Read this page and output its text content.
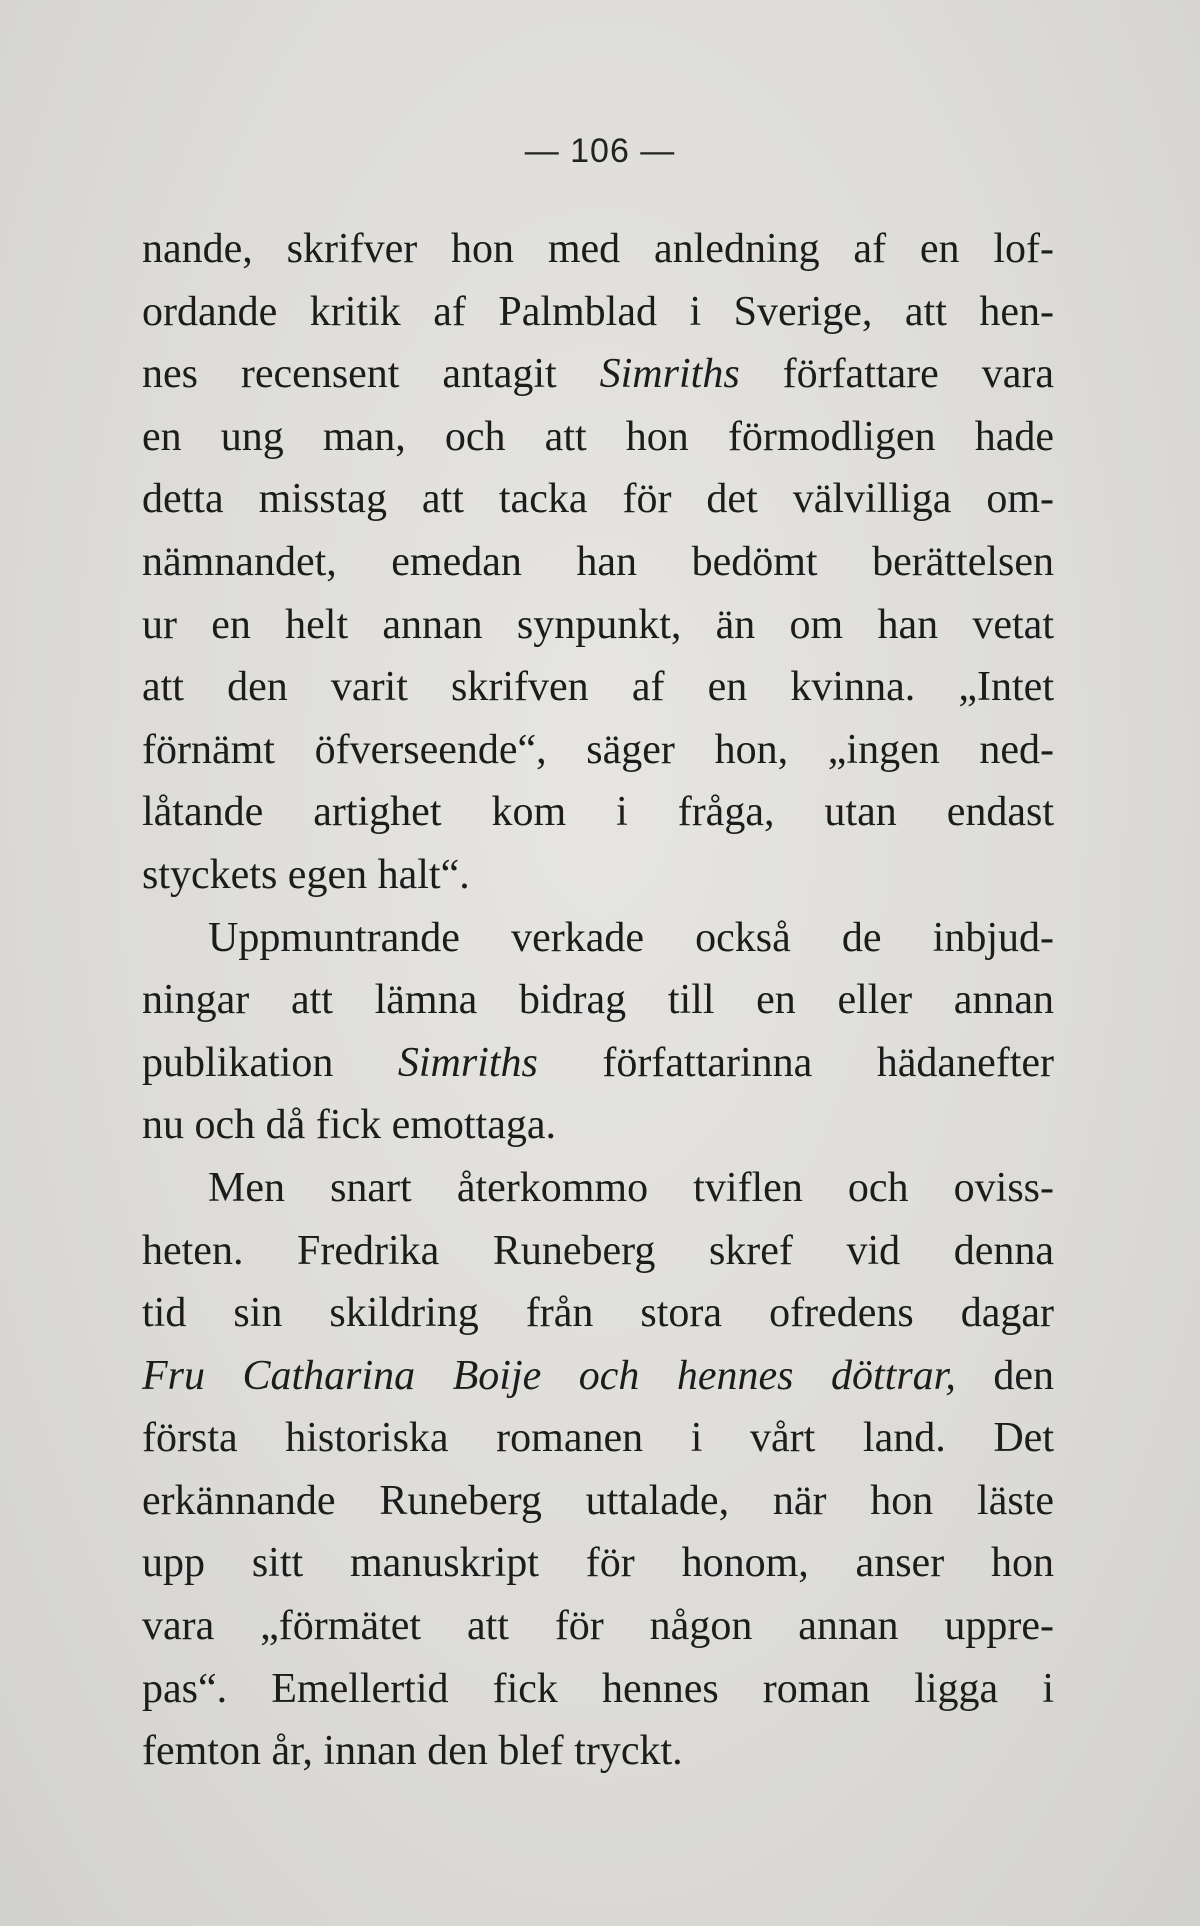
— 106 —
nande, skrifver hon med anledning af en lof-
ordande kritik af Palmblad i Sverige, att hen-
nes recensent antagit Simriths författare vara
en ung man, och att hon förmodligen hade
detta misstag att tacka för det välvilliga om-
nämnandet, emedan han bedömt berättelsen
ur en helt annan synpunkt, än om han vetat
att den varit skrifven af en kvinna. „Intet
förnämt öfverseende“, säger hon, „ingen ned-
låtande artighet kom i fråga, utan endast
styckets egen halt“.
Uppmuntrande verkade också de inbjud-
ningar att lämna bidrag till en eller annan
publikation Simriths författarinna hädanefter
nu och då fick emottaga.
Men snart återkommo tviflen och oviss-
heten. Fredrika Runeberg skref vid denna
tid sin skildring från stora ofredens dagar
Fru Catharina Boije och hennes döttrar, den
första historiska romanen i vårt land. Det
erkännande Runeberg uttalade, när hon läste
upp sitt manuskript för honom, anser hon
vara „förmätet att för någon annan uppre-
pas“. Emellertid fick hennes roman ligga i
femton år, innan den blef tryckt.
